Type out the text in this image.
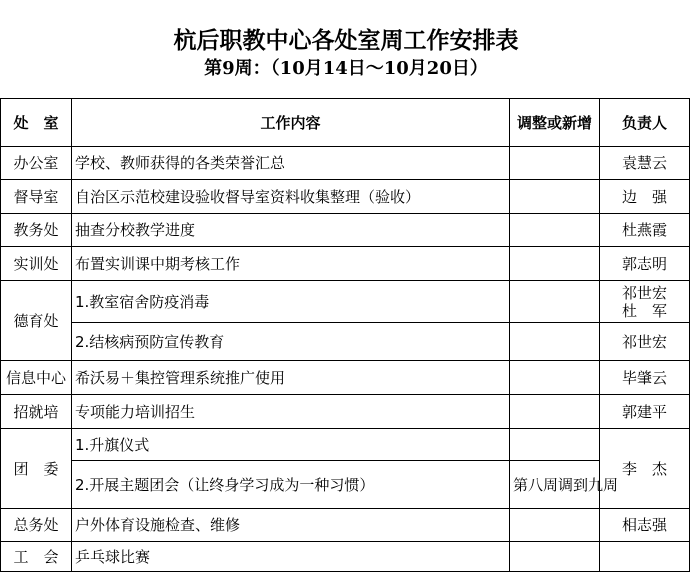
杭后职教中心各处室周工作安排表
第9周：（10月14日～10月20日）
处　室	工作内容	调整或新增	负责人
办公室	学校、教师获得的各类荣誉汇总		袁慧云
督导室	自治区示范校建设验收督导室资料收集整理（验收）		边　强
教务处	抽查分校教学进度		杜燕霞
实训处	布置实训课中期考核工作		郭志明
德育处	1.教室宿舍防疫消毒		祁世宏
杜　军

	2.结核病预防宣传教育		祁世宏
信息中心	希沃易＋集控管理系统推广使用		毕肇云
招就培	专项能力培训招生		郭建平
团　委	1.升旗仪式		李　杰
	2.开展主题团会（让终身学习成为一种习惯）	第八周调到九周	
总务处	户外体育设施检查、维修		相志强
工　会	乒乓球比赛		
